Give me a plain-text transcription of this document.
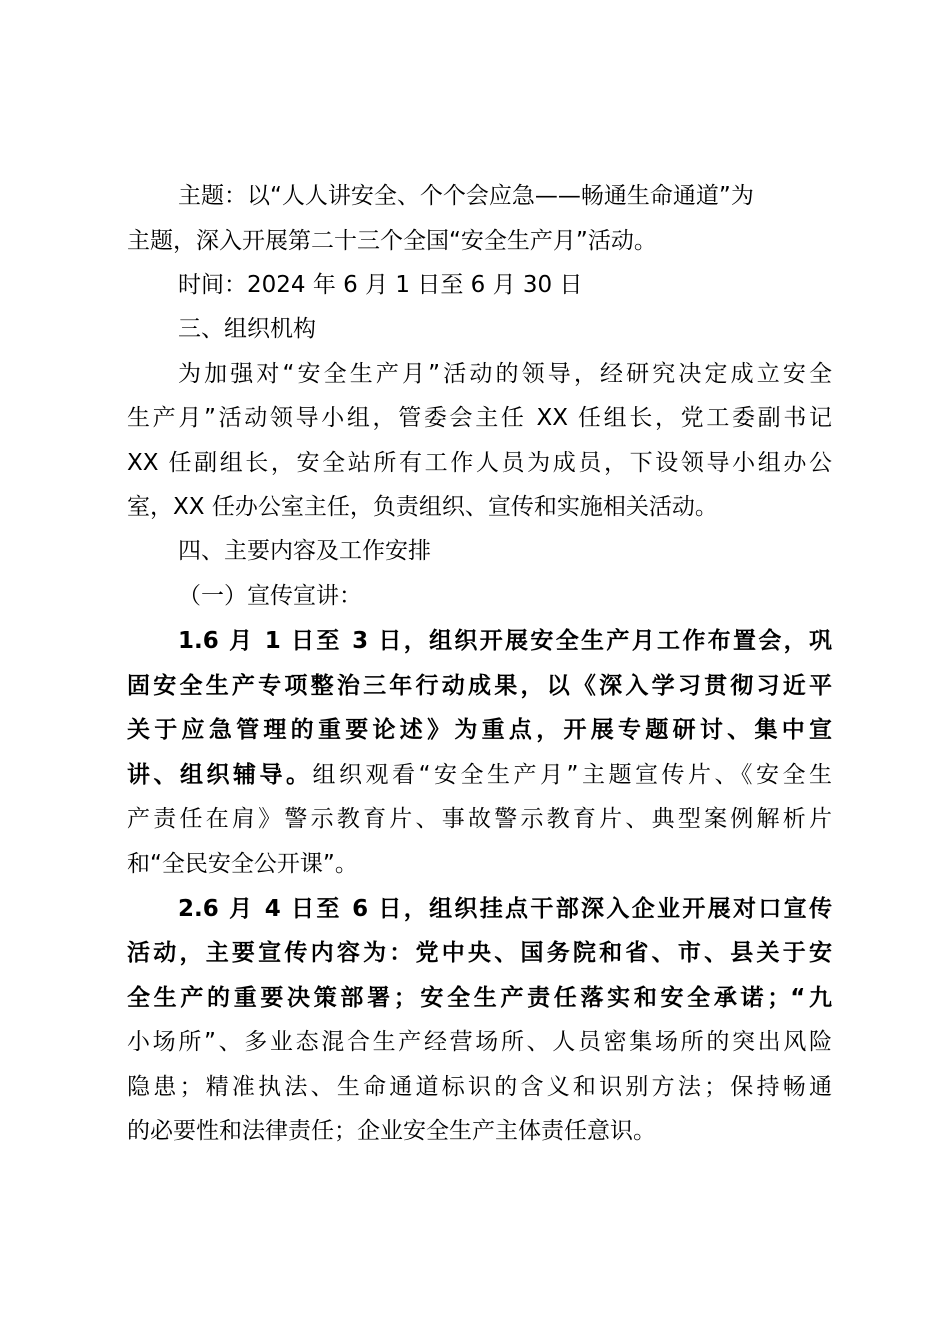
主题：以“人人讲安全、个个会应急——畅通生命通道”为
主题，深入开展第二十三个全国“安全生产月”活动。
时间：2024 年 6 月 1 日至 6 月 30 日
三、组织机构
为加强对“安全生产月”活动的领导，经研究决定成立安全
生产月”活动领导小组，管委会主任 XX 任组长，党工委副书记
XX 任副组长，安全站所有工作人员为成员，下设领导小组办公
室，XX 任办公室主任，负责组织、宣传和实施相关活动。
四、主要内容及工作安排
（一）宣传宣讲：
1.6 月 1 日至 3 日，组织开展安全生产月工作布置会，巩
固安全生产专项整治三年行动成果，以《深入学习贯彻习近平
关于应急管理的重要论述》为重点，开展专题研讨、集中宣
讲、组织辅导。组织观看“安全生产月”主题宣传片、《安全生
产责任在肩》警示教育片、事故警示教育片、典型案例解析片
和“全民安全公开课”。
2.6 月 4 日至 6 日，组织挂点干部深入企业开展对口宣传
活动，主要宣传内容为：党中央、国务院和省、市、县关于安
全生产的重要决策部署；安全生产责任落实和安全承诺；“九
小场所”、多业态混合生产经营场所、人员密集场所的突出风险
隐患；精准执法、生命通道标识的含义和识别方法；保持畅通
的必要性和法律责任；企业安全生产主体责任意识。
